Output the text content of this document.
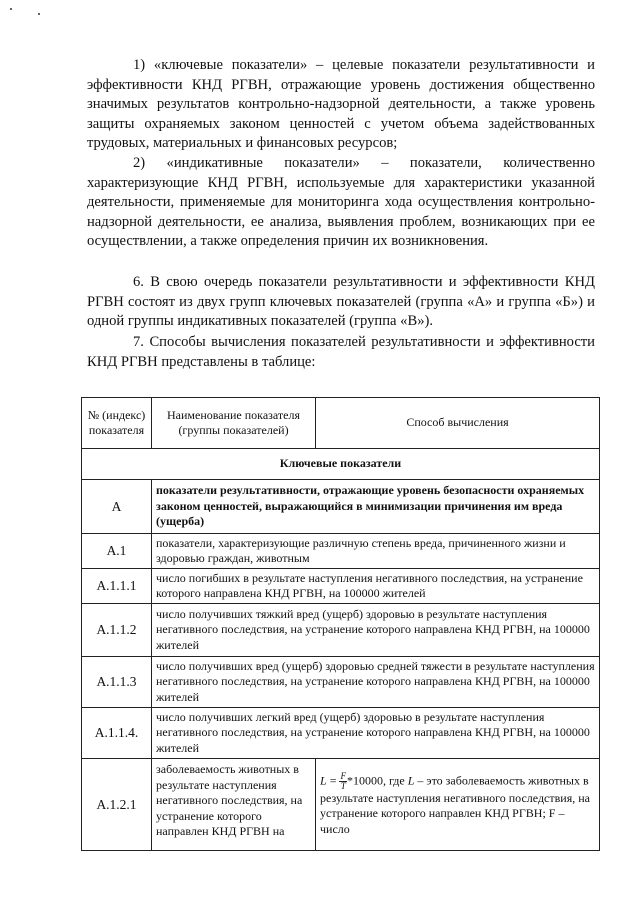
1) «ключевые показатели» – целевые показатели результативности и эффективности КНД РГВН, отражающие уровень достижения общественно значимых результатов контрольно-надзорной деятельности, а также уровень защиты охраняемых законом ценностей с учетом объема задействованных трудовых, материальных и финансовых ресурсов;

2) «индикативные показатели» – показатели, количественно характеризующие КНД РГВН, используемые для характеристики указанной деятельности, применяемые для мониторинга хода осуществления контрольно-надзорной деятельности, ее анализа, выявления проблем, возникающих при ее осуществлении, а также определения причин их возникновения.

6. В свою очередь показатели результативности и эффективности КНД РГВН состоят из двух групп ключевых показателей (группа «А» и группа «Б») и одной группы индикативных показателей (группа «В»).

7. Способы вычисления показателей результативности и эффективности КНД РГВН представлены в таблице:

№ (индекс) показателя	Наименование показателя (группы показателей)	Способ вычисления
Ключевые показатели		
А	показатели результативности, отражающие уровень безопасности охраняемых законом ценностей, выражающийся в минимизации причинения им вреда (ущерба)	
А.1	показатели, характеризующие различную степень вреда, причиненного жизни и здоровью граждан, животным	
А.1.1.1	число погибших в результате наступления негативного последствия, на устранение которого направлена КНД РГВН, на 100000 жителей	
А.1.1.2	число получивших тяжкий вред (ущерб) здоровью в результате наступления негативного последствия, на устранение которого направлена КНД РГВН, на 100000 жителей	
А.1.1.3	число получивших вред (ущерб) здоровью средней тяжести в результате наступления негативного последствия, на устранение которого направлена КНД РГВН, на 100000 жителей	
А.1.1.4.	число получивших легкий вред (ущерб) здоровью в результате наступления негативного последствия, на устранение которого направлена КНД РГВН, на 100000 жителей	
А.1.2.1	заболеваемость животных в результате наступления негативного последствия, на устранение которого направлен КНД РГВН на	$L = \frac{F}{T} *10000$, где L – это заболеваемость животных в результате наступления негативного последствия, на устранение которого направлен КНД РГВН; F – число
